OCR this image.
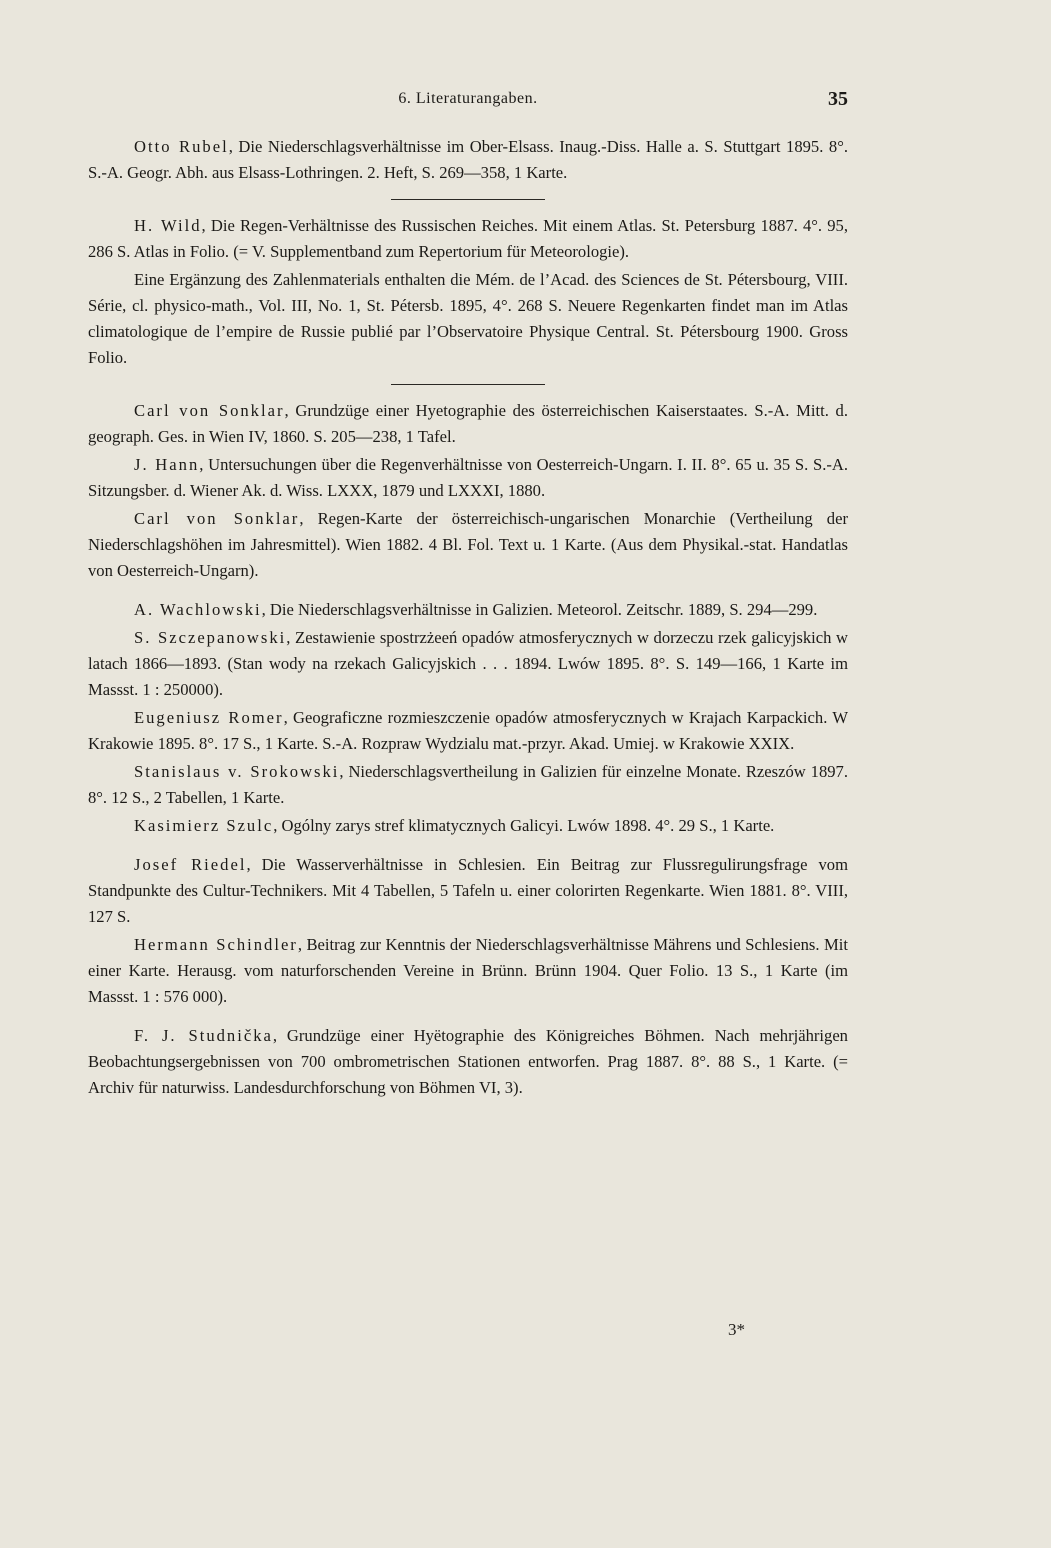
6. Literaturangaben.	35

Otto Rubel, Die Niederschlagsverhältnisse im Ober-Elsass. Inaug.-Diss. Halle a. S. Stuttgart 1895. 8°. S.-A. Geogr. Abh. aus Elsass-Lothringen. 2. Heft, S. 269—358, 1 Karte.

H. Wild, Die Regen-Verhältnisse des Russischen Reiches. Mit einem Atlas. St. Petersburg 1887. 4°. 95, 286 S. Atlas in Folio. (= V. Supplementband zum Repertorium für Meteorologie).

Eine Ergänzung des Zahlenmaterials enthalten die Mém. de l’Acad. des Sciences de St. Pétersbourg, VIII. Série, cl. physico-math., Vol. III, No. 1, St. Pétersb. 1895, 4°. 268 S. Neuere Regenkarten findet man im Atlas climatologique de l’empire de Russie publié par l’Observatoire Physique Central. St. Pétersbourg 1900. Gross Folio.

Carl von Sonklar, Grundzüge einer Hyetographie des österreichischen Kaiserstaates. S.-A. Mitt. d. geograph. Ges. in Wien IV, 1860. S. 205—238, 1 Tafel.

J. Hann, Untersuchungen über die Regenverhältnisse von Oesterreich-Ungarn. I. II. 8°. 65 u. 35 S. S.-A. Sitzungsber. d. Wiener Ak. d. Wiss. LXXX, 1879 und LXXXI, 1880.

Carl von Sonklar, Regen-Karte der österreichisch-ungarischen Monarchie (Vertheilung der Niederschlagshöhen im Jahresmittel). Wien 1882. 4 Bl. Fol. Text u. 1 Karte. (Aus dem Physikal.-stat. Handatlas von Oesterreich-Ungarn).

A. Wachlowski, Die Niederschlagsverhältnisse in Galizien. Meteorol. Zeitschr. 1889, S. 294—299.

S. Szczepanowski, Zestawienie spostrzżeeń opadów atmosferycznych w dorzeczu rzek galicyjskich w latach 1866—1893. (Stan wody na rzekach Galicyjskich . . . 1894. Lwów 1895. 8°. S. 149—166, 1 Karte im Massst. 1 : 250000).

Eugeniusz Romer, Geograficzne rozmieszczenie opadów atmosferycznych w Krajach Karpackich. W Krakowie 1895. 8°. 17 S., 1 Karte. S.-A. Rozpraw Wydzialu mat.-przyr. Akad. Umiej. w Krakowie XXIX.

Stanislaus v. Srokowski, Niederschlagsvertheilung in Galizien für einzelne Monate. Rzeszów 1897. 8°. 12 S., 2 Tabellen, 1 Karte.

Kasimierz Szulc, Ogólny zarys stref klimatycznych Galicyi. Lwów 1898. 4°. 29 S., 1 Karte.

Josef Riedel, Die Wasserverhältnisse in Schlesien. Ein Beitrag zur Flussregulirungsfrage vom Standpunkte des Cultur-Technikers. Mit 4 Tabellen, 5 Tafeln u. einer colorirten Regenkarte. Wien 1881. 8°. VIII, 127 S.

Hermann Schindler, Beitrag zur Kenntnis der Niederschlagsverhältnisse Mährens und Schlesiens. Mit einer Karte. Herausg. vom naturforschenden Vereine in Brünn. Brünn 1904. Quer Folio. 13 S., 1 Karte (im Massst. 1 : 576 000).

F. J. Studnička, Grundzüge einer Hyëtographie des Königreiches Böhmen. Nach mehrjährigen Beobachtungsergebnissen von 700 ombrometrischen Stationen entworfen. Prag 1887. 8°. 88 S., 1 Karte. (= Archiv für naturwiss. Landesdurchforschung von Böhmen VI, 3).

3*
